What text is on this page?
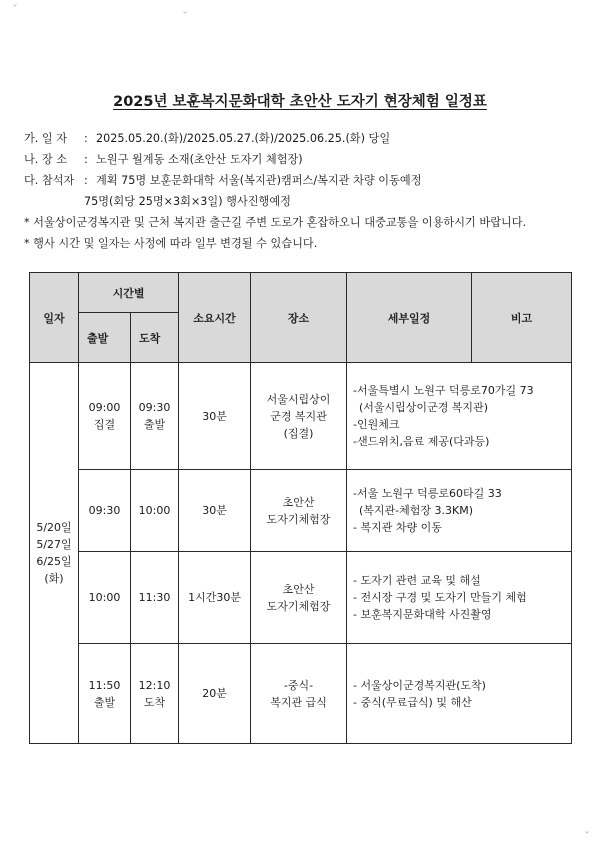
ˇ	ˇ
ˇ
2025년 보훈복지문화대학 초안산 도자기 현장체험 일정표
가. 일 자	: 2025.05.20.(화)/2025.05.27.(화)/2025.06.25.(화) 당일
나. 장 소	: 노원구 월계동 소재(초안산 도자기 체험장)
다. 참석자 : 계획 75명 보훈문화대학 서울(복지관)캠퍼스/복지관 차량 이동예정
75명(회당 25명×3회×3일) 행사진행예정
* 서울상이군경복지관 및 근처 복지관 출근길 주변 도로가 혼잡하오니 대중교통을 이용하시기 바랍니다.
* 행사 시간 및 일자는 사정에 따라 일부 변경될 수 있습니다.
일자	시간별		소요시간	장소	세부일정	비고	
	출발	도착					

5/20일
5/27일
6/25일
(화)	09:00
집결	09:30
출발	30분	서울시립상이
군경 복지관
(집결)	-서울특별시 노원구 덕릉로70가길 73
(서울시립상이군경 복지관)
-인원체크
-샌드위치,음료 제공(다과등)		

	09:30	10:00	30분	초안산
도자기체험장	-서울 노원구 덕릉로60타길 33
(복지관-체험장 3.3KM)
- 복지관 차량 이동		

	10:00	11:30	1시간30분	초안산
도자기체험장	- 도자기 관련 교육 및 해설
- 전시장 구경 및 도자기 만들기 체험
- 보훈복지문화대학 사진촬영		

	11:50
출발	12:10
도착	20분	-중식-
복지관 급식	- 서울상이군경복지관(도착)
- 중식(무료급식) 및 해산		
